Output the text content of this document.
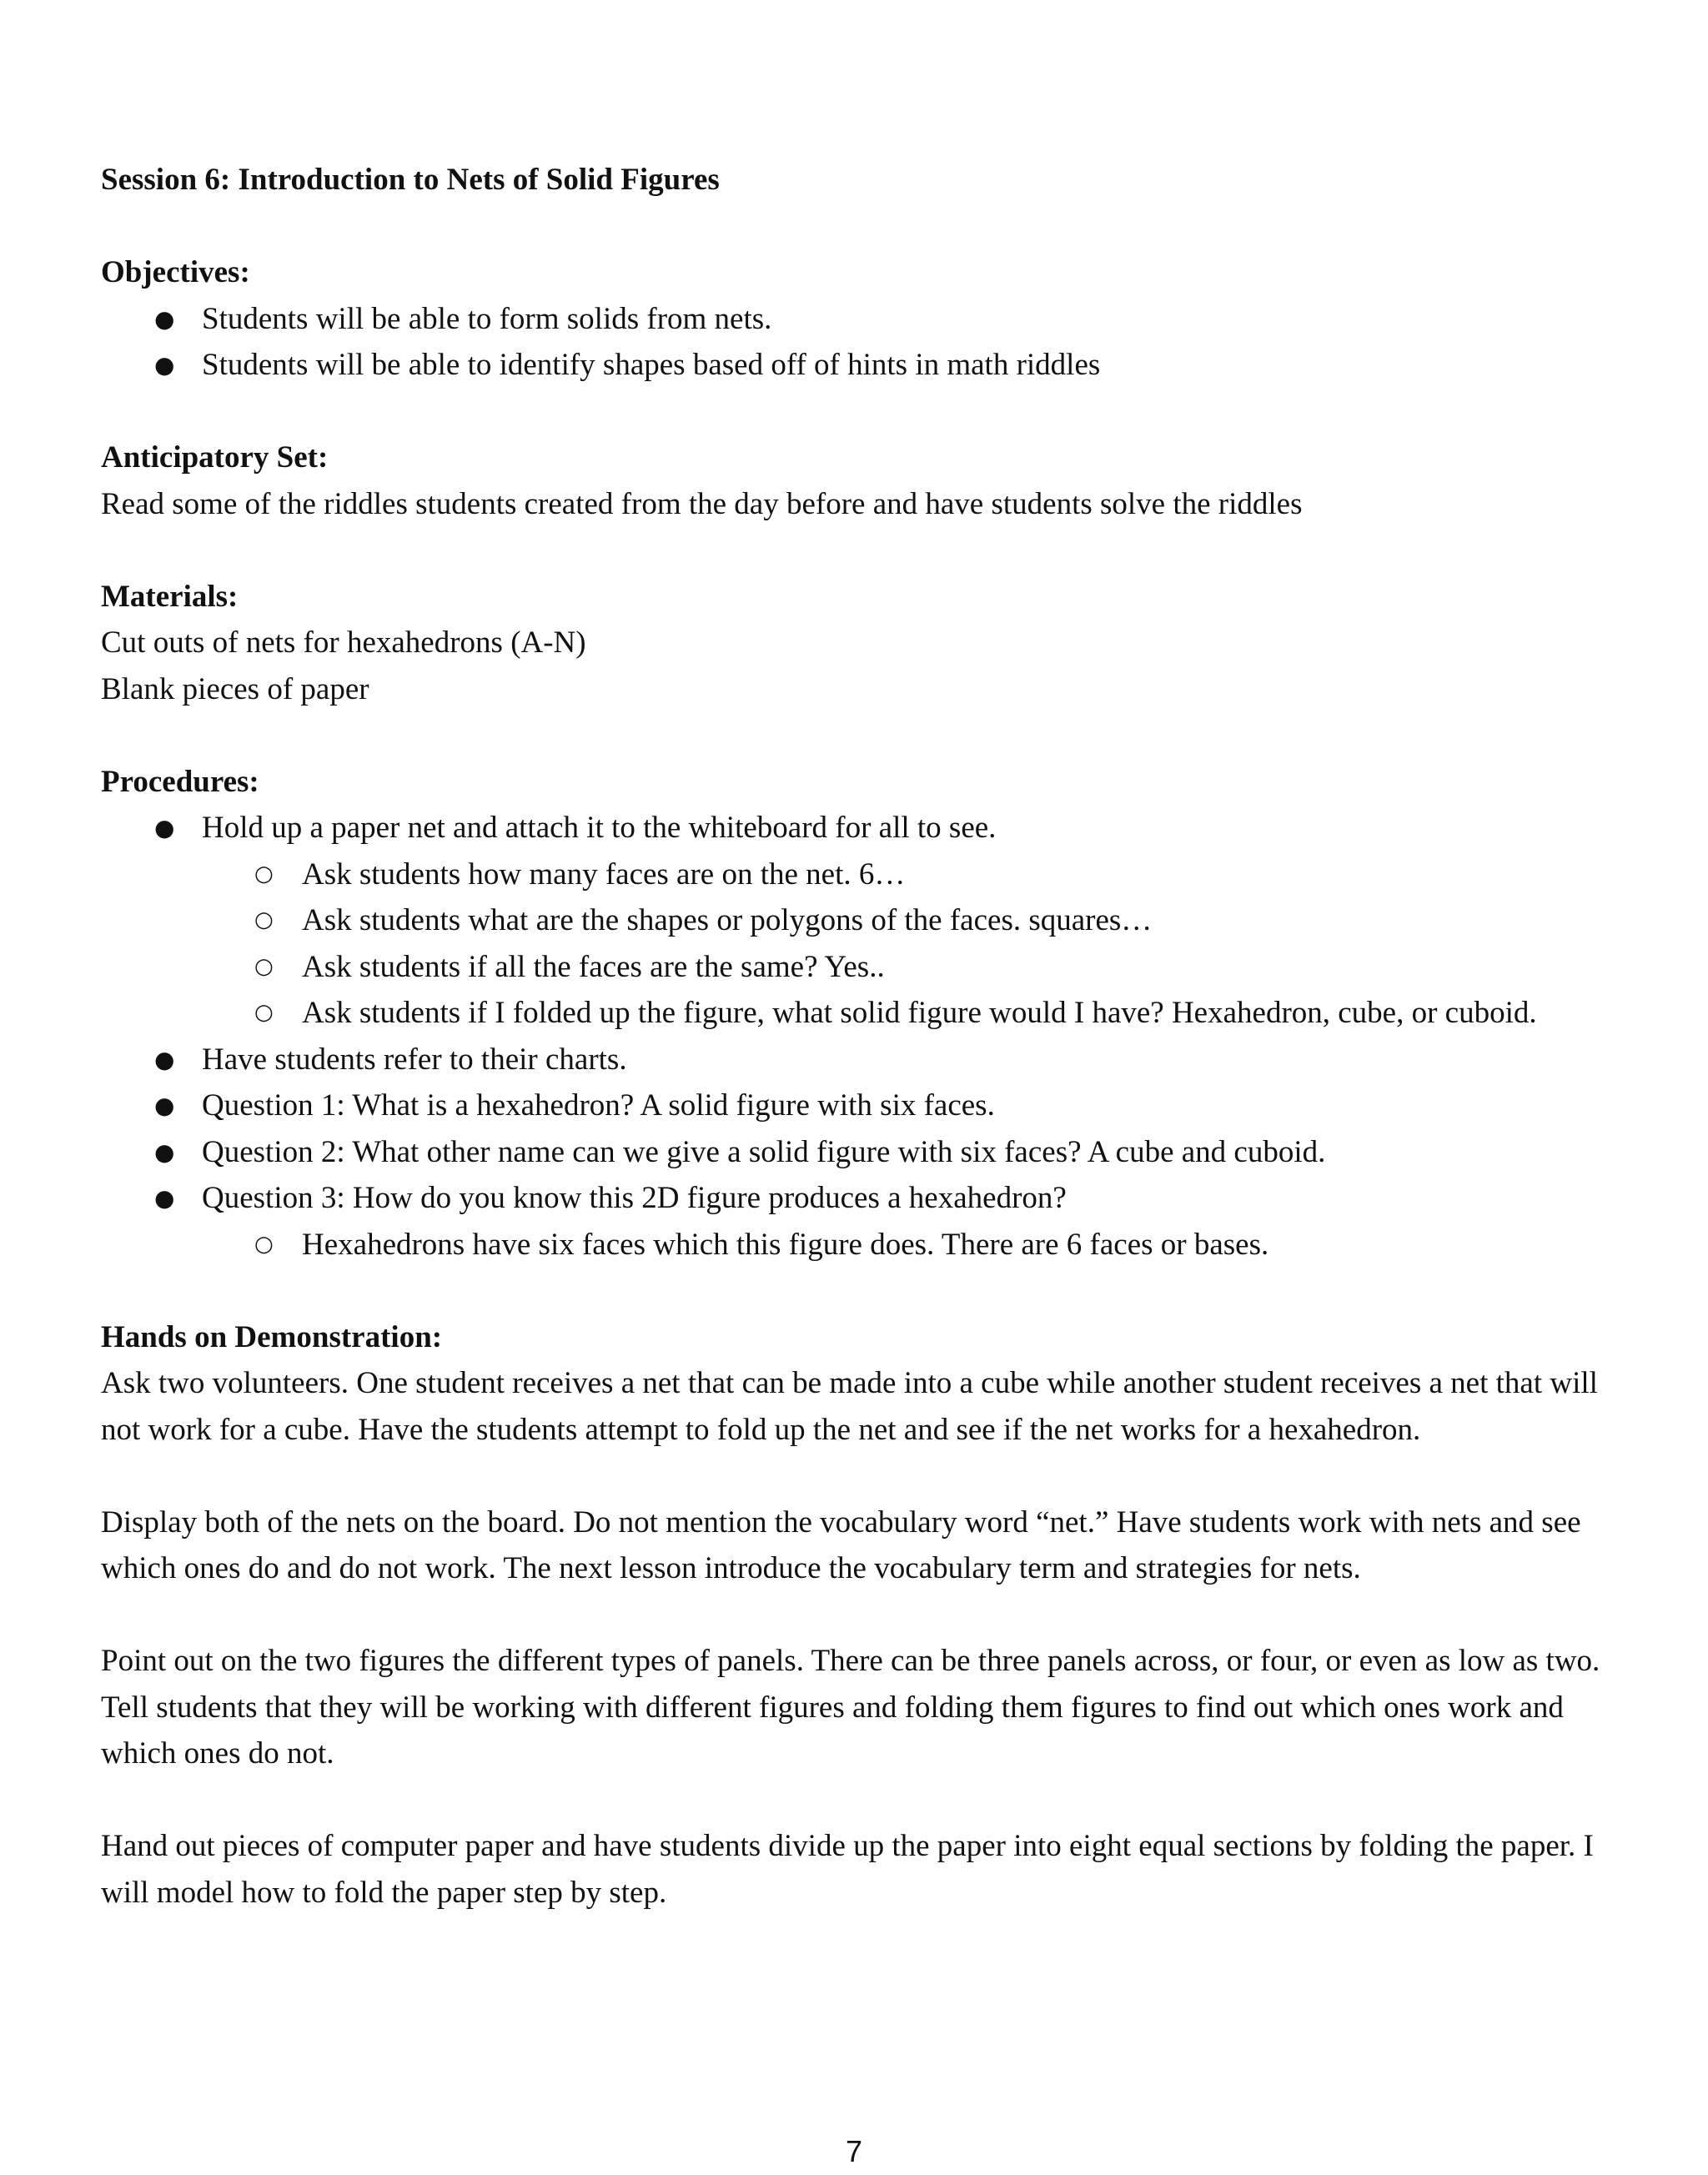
Session 6: Introduction to Nets of Solid Figures

Objectives:

● Students will be able to form solids from nets.
● Students will be able to identify shapes based off of hints in math riddles

Anticipatory Set:

Read some of the riddles students created from the day before and have students solve the riddles

Materials:

Cut outs of nets for hexahedrons (A-N)

Blank pieces of paper

Procedures:

● Hold up a paper net and attach it to the whiteboard for all to see.
○ Ask students how many faces are on the net. 6…
○ Ask students what are the shapes or polygons of the faces. squares…
○ Ask students if all the faces are the same? Yes..
○ Ask students if I folded up the figure, what solid figure would I have? Hexahedron, cube, or cuboid.
● Have students refer to their charts.
● Question 1: What is a hexahedron? A solid figure with six faces.
● Question 2: What other name can we give a solid figure with six faces? A cube and cuboid.
● Question 3: How do you know this 2D figure produces a hexahedron?
○ Hexahedrons have six faces which this figure does. There are 6 faces or bases.

Hands on Demonstration:

Ask two volunteers. One student receives a net that can be made into a cube while another student receives a net that will not work for a cube. Have the students attempt to fold up the net and see if the net works for a hexahedron.

Display both of the nets on the board. Do not mention the vocabulary word “net.” Have students work with nets and see which ones do and do not work. The next lesson introduce the vocabulary term and strategies for nets.

Point out on the two figures the different types of panels. There can be three panels across, or four, or even as low as two. Tell students that they will be working with different figures and folding them figures to find out which ones work and which ones do not.

Hand out pieces of computer paper and have students divide up the paper into eight equal sections by folding the paper. I will model how to fold the paper step by step.

7
